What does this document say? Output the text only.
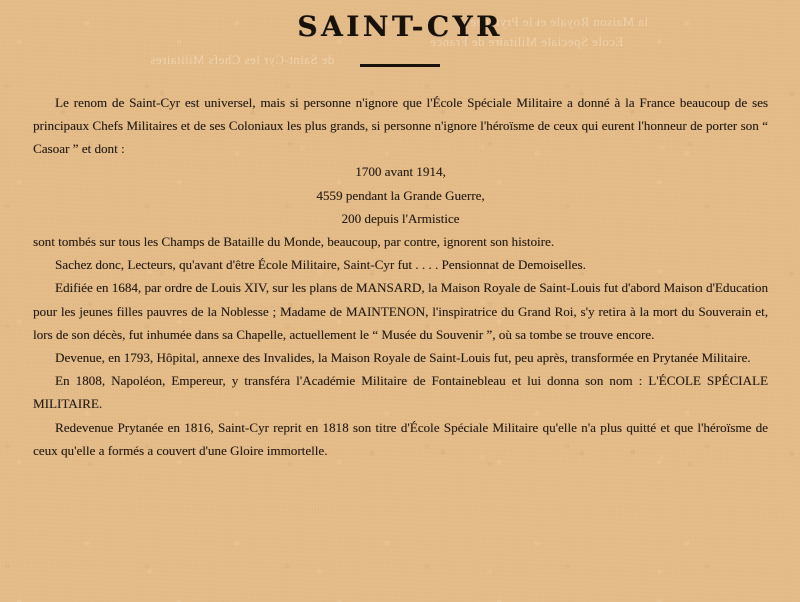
de Saint-Cyr les Chefs Militaires
Ecole Speciale Militaire de France
la Maison Royale et le Prytanee
SAINT-CYR

Le renom de Saint-Cyr est universel, mais si personne n'ignore que l'École Spéciale Militaire a donné à la France beaucoup de ses principaux Chefs Militaires et de ses Coloniaux les plus grands, si personne n'ignore l'héroïsme de ceux qui eurent l'honneur de porter son “ Casoar ” et dont :

1700 avant 1914,
4559 pendant la Grande Guerre,
200 depuis l'Armistice

sont tombés sur tous les Champs de Bataille du Monde, beaucoup, par contre, ignorent son histoire.

Sachez donc, Lecteurs, qu'avant d'être École Militaire, Saint-Cyr fut . . . . Pensionnat de Demoiselles.

Edifiée en 1684, par ordre de Louis XIV, sur les plans de MANSARD, la Maison Royale de Saint-Louis fut d'abord Maison d'Education pour les jeunes filles pauvres de la Noblesse ; Madame de MAINTENON, l'inspiratrice du Grand Roi, s'y retira à la mort du Souverain et, lors de son décès, fut inhumée dans sa Chapelle, actuellement le “ Musée du Souvenir ”, où sa tombe se trouve encore.

Devenue, en 1793, Hôpital, annexe des Invalides, la Maison Royale de Saint-Louis fut, peu après, transformée en Prytanée Militaire.

En 1808, Napoléon, Empereur, y transféra l'Académie Militaire de Fontainebleau et lui donna son nom : L'ÉCOLE SPÉCIALE MILITAIRE.

Redevenue Prytanée en 1816, Saint-Cyr reprit en 1818 son titre d'École Spéciale Militaire qu'elle n'a plus quitté et que l'héroïsme de ceux qu'elle a formés a couvert d'une Gloire immortelle.
